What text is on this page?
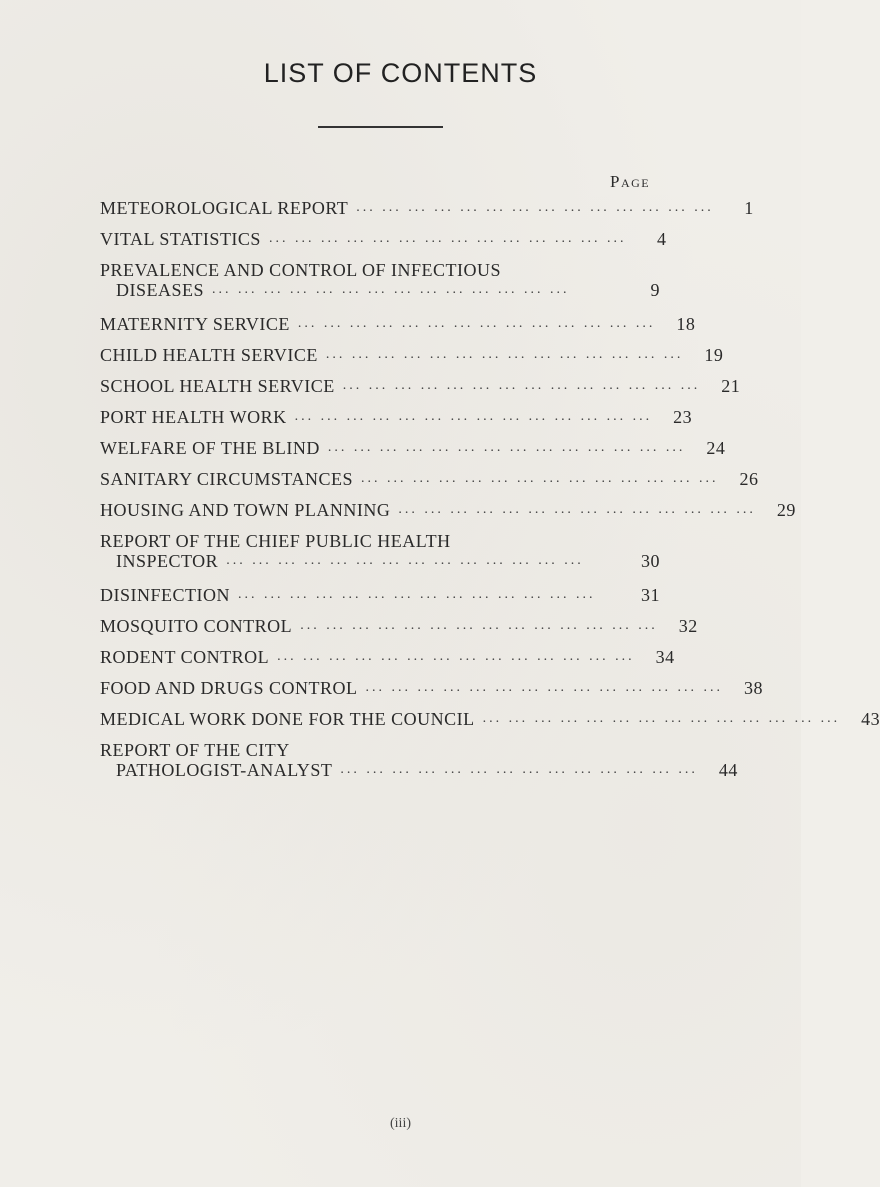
LIST OF CONTENTS
Page
METEOROLOGICAL REPORT ... ... ... ... ... ... ... ... ... ... ... ... ... ...	1
VITAL STATISTICS ... ... ... ... ... ... ... ... ... ... ... ... ... ...	4
PREVALENCE AND CONTROL OF INFECTIOUS
DISEASES ... ... ... ... ... ... ... ... ... ... ... ... ... ...	9
MATERNITY SERVICE ... ... ... ... ... ... ... ... ... ... ... ... ... ...	18
CHILD HEALTH SERVICE ... ... ... ... ... ... ... ... ... ... ... ... ... ...	19
SCHOOL HEALTH SERVICE ... ... ... ... ... ... ... ... ... ... ... ... ... ...	21
PORT HEALTH WORK ... ... ... ... ... ... ... ... ... ... ... ... ... ...	23
WELFARE OF THE BLIND ... ... ... ... ... ... ... ... ... ... ... ... ... ...	24
SANITARY CIRCUMSTANCES ... ... ... ... ... ... ... ... ... ... ... ... ... ...	26
HOUSING AND TOWN PLANNING ... ... ... ... ... ... ... ... ... ... ... ... ... ...	29
REPORT OF THE CHIEF PUBLIC HEALTH
INSPECTOR ... ... ... ... ... ... ... ... ... ... ... ... ... ...	30
DISINFECTION ... ... ... ... ... ... ... ... ... ... ... ... ... ...	31
MOSQUITO CONTROL ... ... ... ... ... ... ... ... ... ... ... ... ... ...	32
RODENT CONTROL ... ... ... ... ... ... ... ... ... ... ... ... ... ...	34
FOOD AND DRUGS CONTROL ... ... ... ... ... ... ... ... ... ... ... ... ... ...	38
MEDICAL WORK DONE FOR THE COUNCIL ... ... ... ... ... ... ... ... ... ... ... ... ... ...	43
REPORT OF THE CITY
PATHOLOGIST-ANALYST ... ... ... ... ... ... ... ... ... ... ... ... ... ...	44
(iii)
